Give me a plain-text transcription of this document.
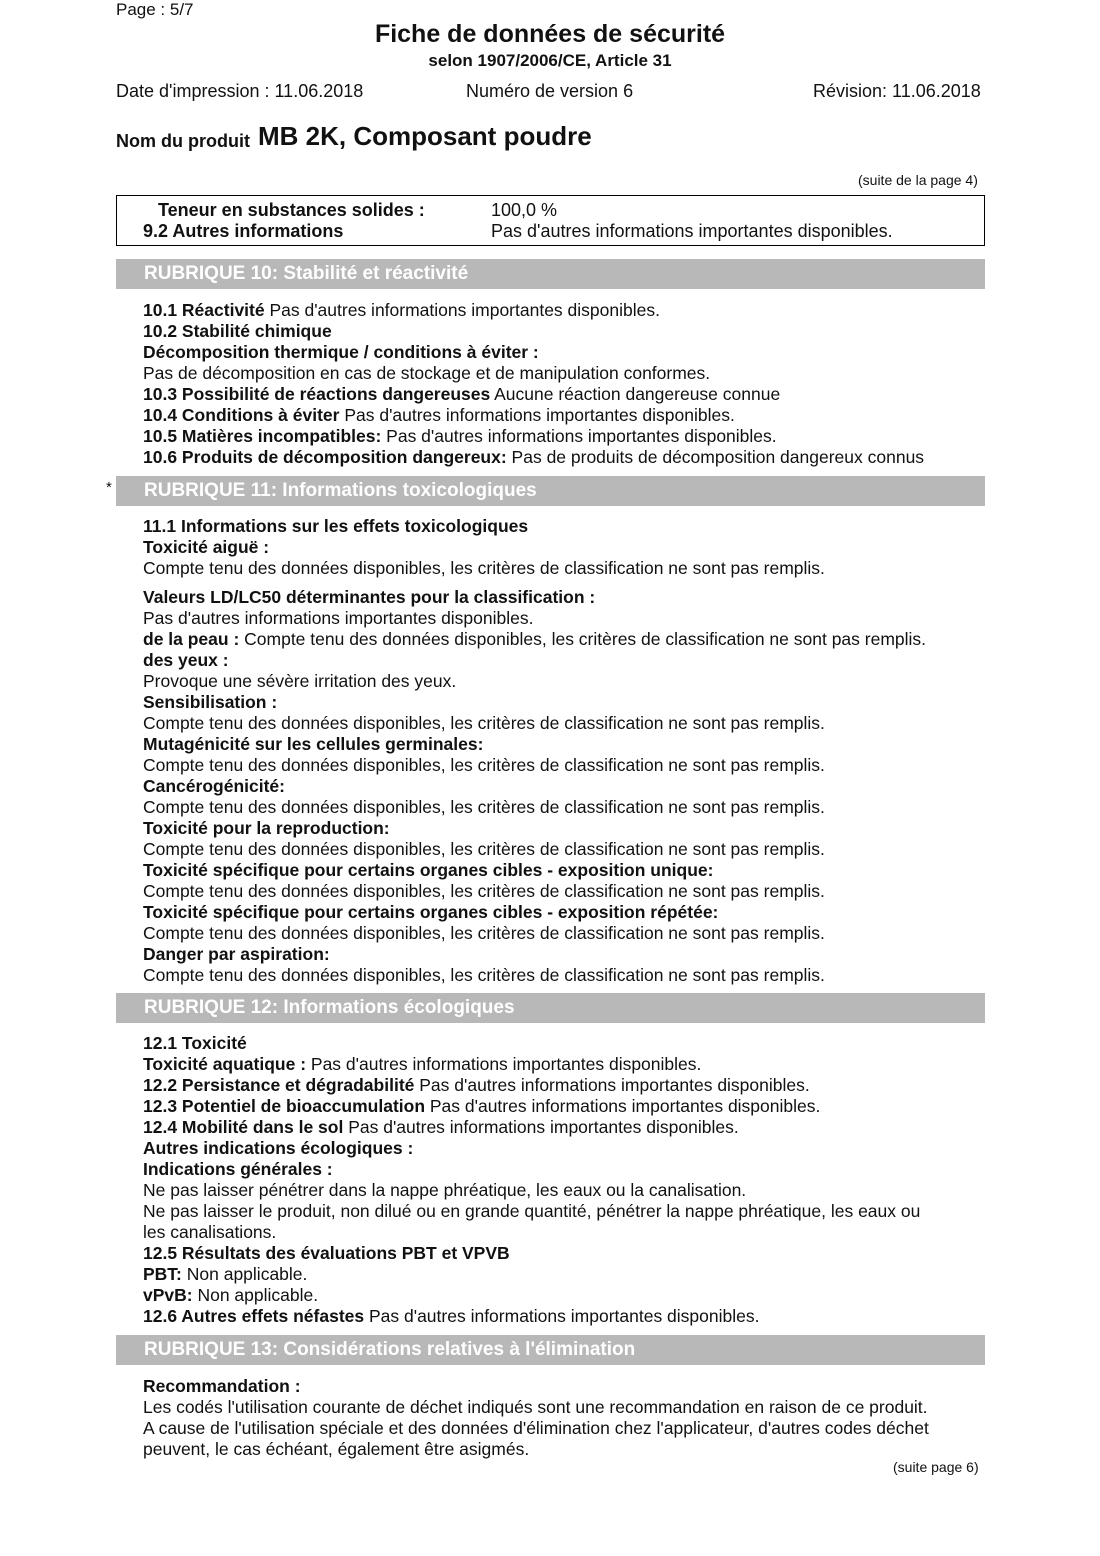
Page : 5/7
Fiche de données de sécurité
selon 1907/2006/CE, Article 31
Date d'impression : 11.06.2018	Numéro de version 6	Révision: 11.06.2018
Nom du produit MB 2K, Composant poudre
(suite de la page 4)
Teneur en substances solides :	100,0 %
9.2 Autres informations	Pas d'autres informations importantes disponibles.
RUBRIQUE 10: Stabilité et réactivité
10.1 Réactivité Pas d'autres informations importantes disponibles.
10.2 Stabilité chimique
Décomposition thermique / conditions à éviter :
Pas de décomposition en cas de stockage et de manipulation conformes.
10.3 Possibilité de réactions dangereuses Aucune réaction dangereuse connue
10.4 Conditions à éviter Pas d'autres informations importantes disponibles.
10.5 Matières incompatibles: Pas d'autres informations importantes disponibles.
10.6 Produits de décomposition dangereux: Pas de produits de décomposition dangereux connus
*	RUBRIQUE 11: Informations toxicologiques
11.1 Informations sur les effets toxicologiques
Toxicité aiguë :
Compte tenu des données disponibles, les critères de classification ne sont pas remplis.
Valeurs LD/LC50 déterminantes pour la classification :
Pas d'autres informations importantes disponibles.
de la peau : Compte tenu des données disponibles, les critères de classification ne sont pas remplis.
des yeux :
Provoque une sévère irritation des yeux.
Sensibilisation :
Compte tenu des données disponibles, les critères de classification ne sont pas remplis.
Mutagénicité sur les cellules germinales:
Compte tenu des données disponibles, les critères de classification ne sont pas remplis.
Cancérogénicité:
Compte tenu des données disponibles, les critères de classification ne sont pas remplis.
Toxicité pour la reproduction:
Compte tenu des données disponibles, les critères de classification ne sont pas remplis.
Toxicité spécifique pour certains organes cibles - exposition unique:
Compte tenu des données disponibles, les critères de classification ne sont pas remplis.
Toxicité spécifique pour certains organes cibles - exposition répétée:
Compte tenu des données disponibles, les critères de classification ne sont pas remplis.
Danger par aspiration:
Compte tenu des données disponibles, les critères de classification ne sont pas remplis.
RUBRIQUE 12: Informations écologiques
12.1 Toxicité
Toxicité aquatique : Pas d'autres informations importantes disponibles.
12.2 Persistance et dégradabilité Pas d'autres informations importantes disponibles.
12.3 Potentiel de bioaccumulation Pas d'autres informations importantes disponibles.
12.4 Mobilité dans le sol Pas d'autres informations importantes disponibles.
Autres indications écologiques :
Indications générales :
Ne pas laisser pénétrer dans la nappe phréatique, les eaux ou la canalisation.
Ne pas laisser le produit, non dilué ou en grande quantité, pénétrer la nappe phréatique, les eaux ou
les canalisations.
12.5 Résultats des évaluations PBT et VPVB
PBT: Non applicable.
vPvB: Non applicable.
12.6 Autres effets néfastes Pas d'autres informations importantes disponibles.
RUBRIQUE 13: Considérations relatives à l'élimination
Recommandation :
Les codés l'utilisation courante de déchet indiqués sont une recommandation en raison de ce produit.
A cause de l'utilisation spéciale et des données d'élimination chez l'applicateur, d'autres codes déchet
peuvent, le cas échéant, également être asigmés.
(suite page 6)
